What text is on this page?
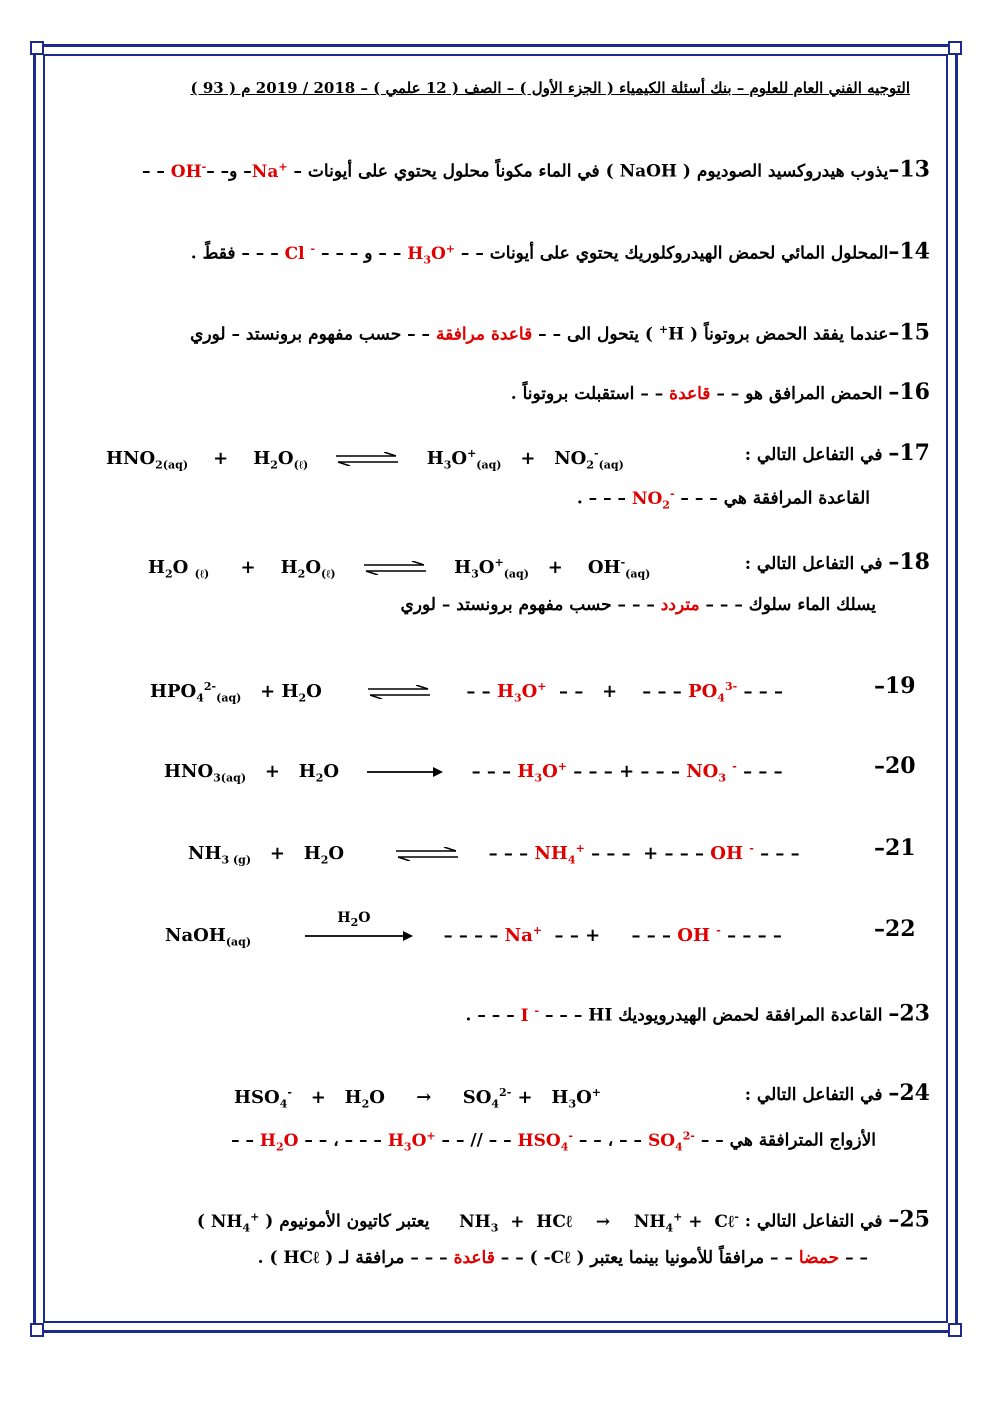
التوجيه الفني العام للعلوم – بنك أسئلة الكيمياء ( الجزء الأول ) – الصف ( 12 علمي ) – 2018 / 2019 م ( 93 )
13–يذوب هيدروكسيد الصوديوم ( NaOH ) في الماء مكوناً محلول يحتوي على أيونات – Na+– و– –OH- – –
14–المحلول المائي لحمض الهيدروكلوريك يحتوي على أيونات – – $H_3O^+$ – – و – – – Cl - – – – فقطً .
15–عندما يفقد الحمض بروتوناً ( H+ ) يتحول الى – – قاعدة مرافقة – – حسب مفهوم برونستد – لوري
16– الحمض المرافق هو – – قاعدة – – استقبلت بروتوناً .
17– في التفاعل التالي :
$HNO_{2(aq)}$    +    $H_2O_{(\ell)}$ ⇌ $H_3O^+_{(aq)} + NO_2^-_{(aq)}$
القاعدة المرافقة هي – – – $NO_2^-$ – – – .
18– في التفاعل التالي :
$H_2O$ $_{(\ell)}$     +    $H_2O_{(\ell)}$ ⇌ $H_3O^+_{(aq)}$   +    $OH^-_{(aq)}$
يسلك الماء سلوك – – – متردد – – – حسب مفهوم برونستد – لوري
–19
$HPO_4^{2-}_{(aq)} + H_2O$	– – $H_3O^+$  – –   +    – – – $PO_4^{3-}$ – – –
–20
$HNO_{3(aq)} + H_2O$	– – – $H_3O^+$ – – – + – – – $NO_3$ - – – –
–21
$NH_{3 (g)} + H_2O$	⇌ – – – $NH_4^+$ – – –  + – – – OH - – – –
–22
NaOH$_{(aq)}$
$H_2O$
– – – – Na+  – – +     – – – OH - – – – –
23– القاعدة المرافقة لحمض الهيدرويوديك HI – – – I - – – – .
24– في التفاعل التالي :
$HSO_4^- + H_2O$     →     $SO_4^{2-} + H_3O^+$
الأزواج المترافقة هي – – $SO_4^{2-}$ – – ، – – $HSO_4^-$ – – // – – $H_3O^+$ – – – ، – – $H_2O$ – –
25– في التفاعل التالي :  $NH_3$  +  HCℓ    →    $NH_4^+$ +  Cℓ-    يعتبر كاتيون الأمونيوم ( $NH_4^+$ )
– – حمضا – – مرافقاً للأمونيا بينما يعتبر ( Cℓ- ) – – قاعدة – – – مرافقة لـ ( HCℓ ) .
